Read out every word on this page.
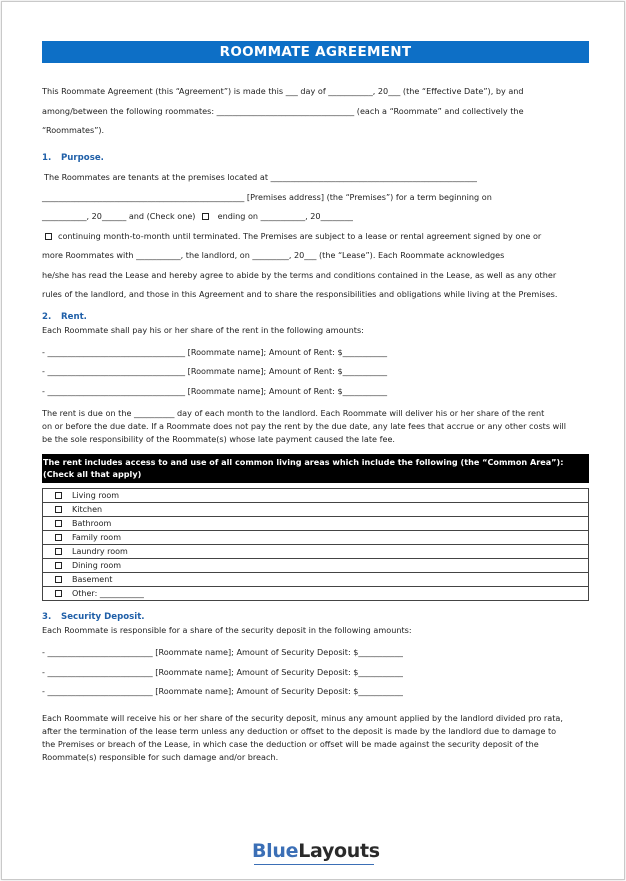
ROOMMATE AGREEMENT

This Roommate Agreement (this “Agreement”) is made this ___ day of ___________, 20___ (the “Effective Date”), by and

among/between the following roommates: __________________________________ (each a “Roommate” and collectively the

“Roommates”).

1. Purpose.

The Roommates are tenants at the premises located at ___________________________________________________

__________________________________________________ [Premises address] (the “Premises”) for a term beginning on

___________, 20______ and (Check one)	ending on ___________, 20________

continuing month-to-month until terminated. The Premises are subject to a lease or rental agreement signed by one or

more Roommates with ___________, the landlord, on _________, 20___ (the “Lease”). Each Roommate acknowledges

he/she has read the Lease and hereby agree to abide by the terms and conditions contained in the Lease, as well as any other

rules of the landlord, and those in this Agreement and to share the responsibilities and obligations while living at the Premises.

2. Rent.

Each Roommate shall pay his or her share of the rent in the following amounts:

- __________________________________ [Roommate name]; Amount of Rent: $___________

- __________________________________ [Roommate name]; Amount of Rent: $___________

- __________________________________ [Roommate name]; Amount of Rent: $___________

The rent is due on the __________ day of each month to the landlord. Each Roommate will deliver his or her share of the rent

on or before the due date. If a Roommate does not pay the rent by the due date, any late fees that accrue or any other costs will

be the sole responsibility of the Roommate(s) whose late payment caused the late fee.

The rent includes access to and use of all common living areas which include the following (the “Common Area”): (Check all that apply)
Living room
Kitchen
Bathroom
Family room
Laundry room
Dining room
Basement
Other: ___________
3. Security Deposit.

Each Roommate is responsible for a share of the security deposit in the following amounts:

- __________________________ [Roommate name]; Amount of Security Deposit: $___________

- __________________________ [Roommate name]; Amount of Security Deposit: $___________

- __________________________ [Roommate name]; Amount of Security Deposit: $___________

Each Roommate will receive his or her share of the security deposit, minus any amount applied by the landlord divided pro rata,

after the termination of the lease term unless any deduction or offset to the deposit is made by the landlord due to damage to

the Premises or breach of the Lease, in which case the deduction or offset will be made against the security deposit of the

Roommate(s) responsible for such damage and/or breach.

BlueLayouts
